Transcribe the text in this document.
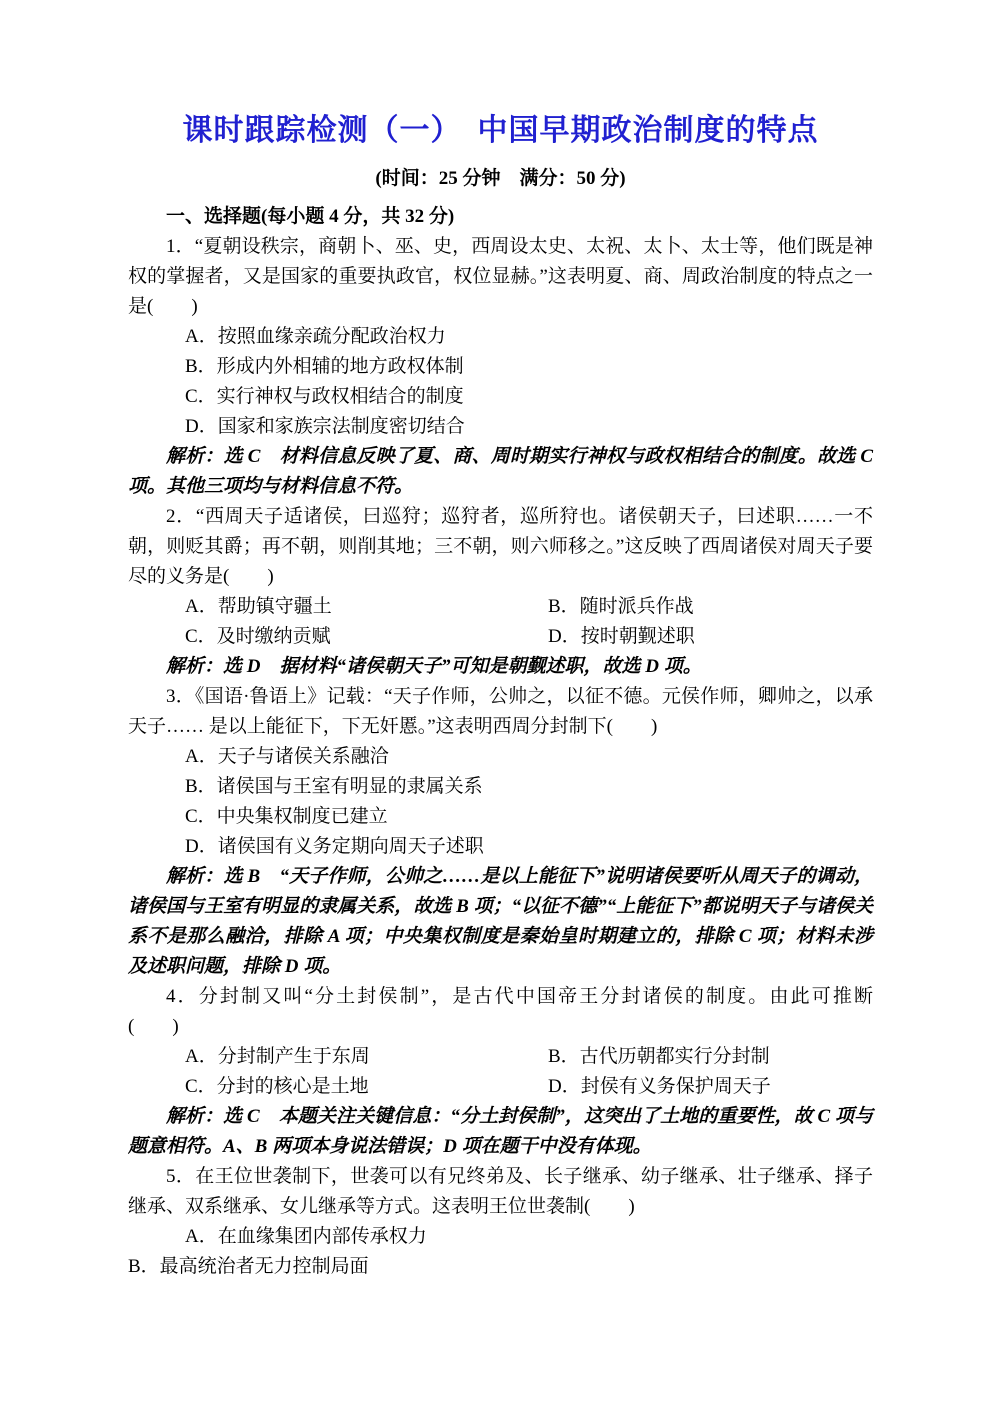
课时跟踪检测（一）　中国早期政治制度的特点

(时间：25 分钟　满分：50 分)

一、选择题(每小题 4 分，共 32 分)

1．“夏朝设秩宗，商朝卜、巫、史，西周设太史、太祝、太卜、太士等，他们既是神权的掌握者，又是国家的重要执政官，权位显赫。”这表明夏、商、周政治制度的特点之一是(　　)

A．按照血缘亲疏分配政治权力

B．形成内外相辅的地方政权体制

C．实行神权与政权相结合的制度

D．国家和家族宗法制度密切结合

解析：选 C　材料信息反映了夏、商、周时期实行神权与政权相结合的制度。故选 C 项。其他三项均与材料信息不符。

2．“西周天子适诸侯，曰巡狩；巡狩者，巡所狩也。诸侯朝天子，曰述职……一不朝，则贬其爵；再不朝，则削其地；三不朝，则六师移之。”这反映了西周诸侯对周天子要尽的义务是(　　)

A．帮助镇守疆土	B．随时派兵作战

C．及时缴纳贡赋	D．按时朝觐述职

解析：选 D　据材料“诸侯朝天子”可知是朝觐述职，故选 D 项。

3．《国语·鲁语上》记载：“天子作师，公帅之，以征不德。元侯作师，卿帅之，以承天子…… 是以上能征下，下无奸慝。”这表明西周分封制下(　　)

A．天子与诸侯关系融洽

B．诸侯国与王室有明显的隶属关系

C．中央集权制度已建立

D．诸侯国有义务定期向周天子述职

解析：选 B　“天子作师，公帅之……是以上能征下”说明诸侯要听从周天子的调动，诸侯国与王室有明显的隶属关系，故选 B 项；“以征不德”“上能征下”都说明天子与诸侯关系不是那么融洽，排除 A 项；中央集权制度是秦始皇时期建立的，排除 C 项；材料未涉及述职问题，排除 D 项。

4．分封制又叫“分土封侯制”，是古代中国帝王分封诸侯的制度。由此可推断　　(　　)

A．分封制产生于东周	B．古代历朝都实行分封制

C．分封的核心是土地	D．封侯有义务保护周天子

解析：选 C　本题关注关键信息：“分土封侯制”，这突出了土地的重要性，故 C 项与题意相符。A、B 两项本身说法错误；D 项在题干中没有体现。

5．在王位世袭制下，世袭可以有兄终弟及、长子继承、幼子继承、壮子继承、择子继承、双系继承、女儿继承等方式。这表明王位世袭制(　　)

A．在血缘集团内部传承权力

B．最高统治者无力控制局面
